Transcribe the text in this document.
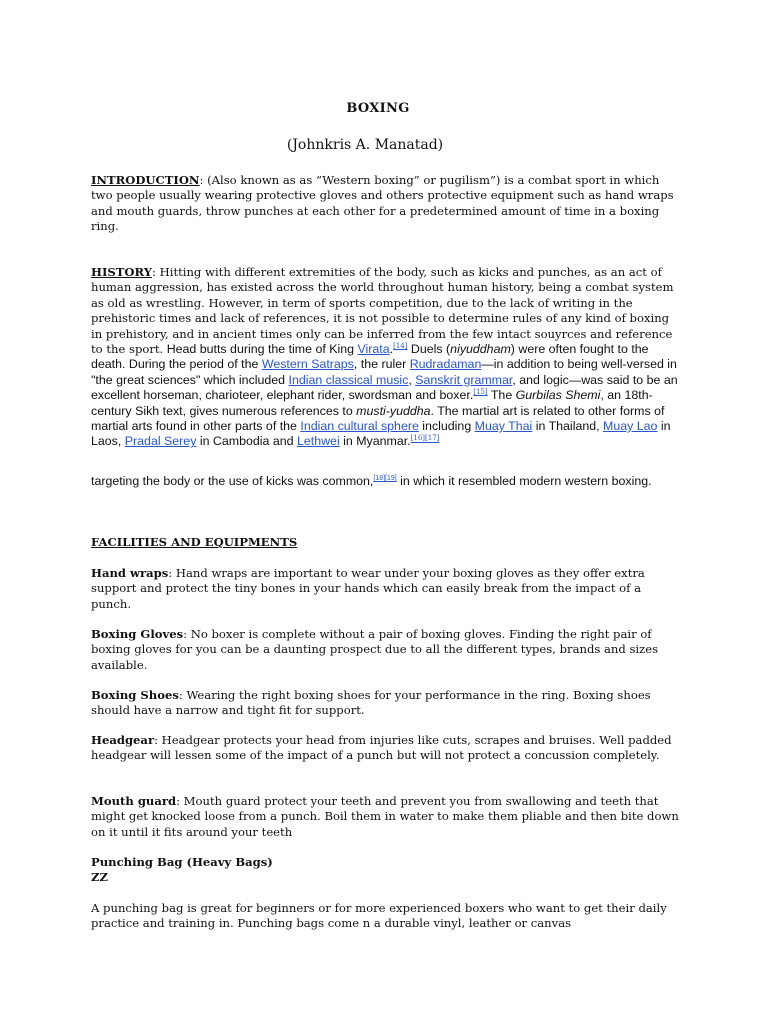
BOXING
(Johnkris A. Manatad)

INTRODUCTION: (Also known as as “Western boxing” or pugilism”) is a combat sport in which two people usually wearing protective gloves and others protective equipment such as hand wraps and mouth guards, throw punches at each other for a predetermined amount of time in a boxing ring.

HISTORY: Hitting with different extremities of the body, such as kicks and punches, as an act of human aggression, has existed across the world throughout human history, being a combat system as old as wrestling. However, in term of sports competition, due to the lack of writing in the prehistoric times and lack of references, it is not possible to determine rules of any kind of boxing in prehistory, and in ancient times only can be inferred from the few intact souyrces and reference to the sport. Head butts during the time of King Virata.[14] Duels (niyuddham) were often fought to the death. During the period of the Western Satraps, the ruler Rudradaman—in addition to being well-versed in "the great sciences" which included Indian classical music, Sanskrit grammar, and logic—was said to be an excellent horseman, charioteer, elephant rider, swordsman and boxer.[15] The Gurbilas Shemi, an 18th-century Sikh text, gives numerous references to musti-yuddha. The martial art is related to other forms of martial arts found in other parts of the Indian cultural sphere including Muay Thai in Thailand, Muay Lao in Laos, Pradal Serey in Cambodia and Lethwei in Myanmar.[16][17]

targeting the body or the use of kicks was common,[18][19] in which it resembled modern western boxing.

FACILITIES AND EQUIPMENTS

Hand wraps: Hand wraps are important to wear under your boxing gloves as they offer extra support and protect the tiny bones in your hands which can easily break from the impact of a punch.

Boxing Gloves: No boxer is complete without a pair of boxing gloves. Finding the right pair of boxing gloves for you can be a daunting prospect due to all the different types, brands and sizes available.

Boxing Shoes: Wearing the right boxing shoes for your performance in the ring. Boxing shoes should have a narrow and tight fit for support.

Headgear: Headgear protects your head from injuries like cuts, scrapes and bruises. Well padded headgear will lessen some of the impact of a punch but will not protect a concussion completely.

Mouth guard: Mouth guard protect your teeth and prevent you from swallowing and teeth that might get knocked loose from a punch. Boil them in water to make them pliable and then bite down on it until it fits around your teeth

Punching Bag (Heavy Bags)

ZZ

A punching bag is great for beginners or for more experienced boxers who want to get their daily practice and training in. Punching bags come n a durable vinyl, leather or canvas
